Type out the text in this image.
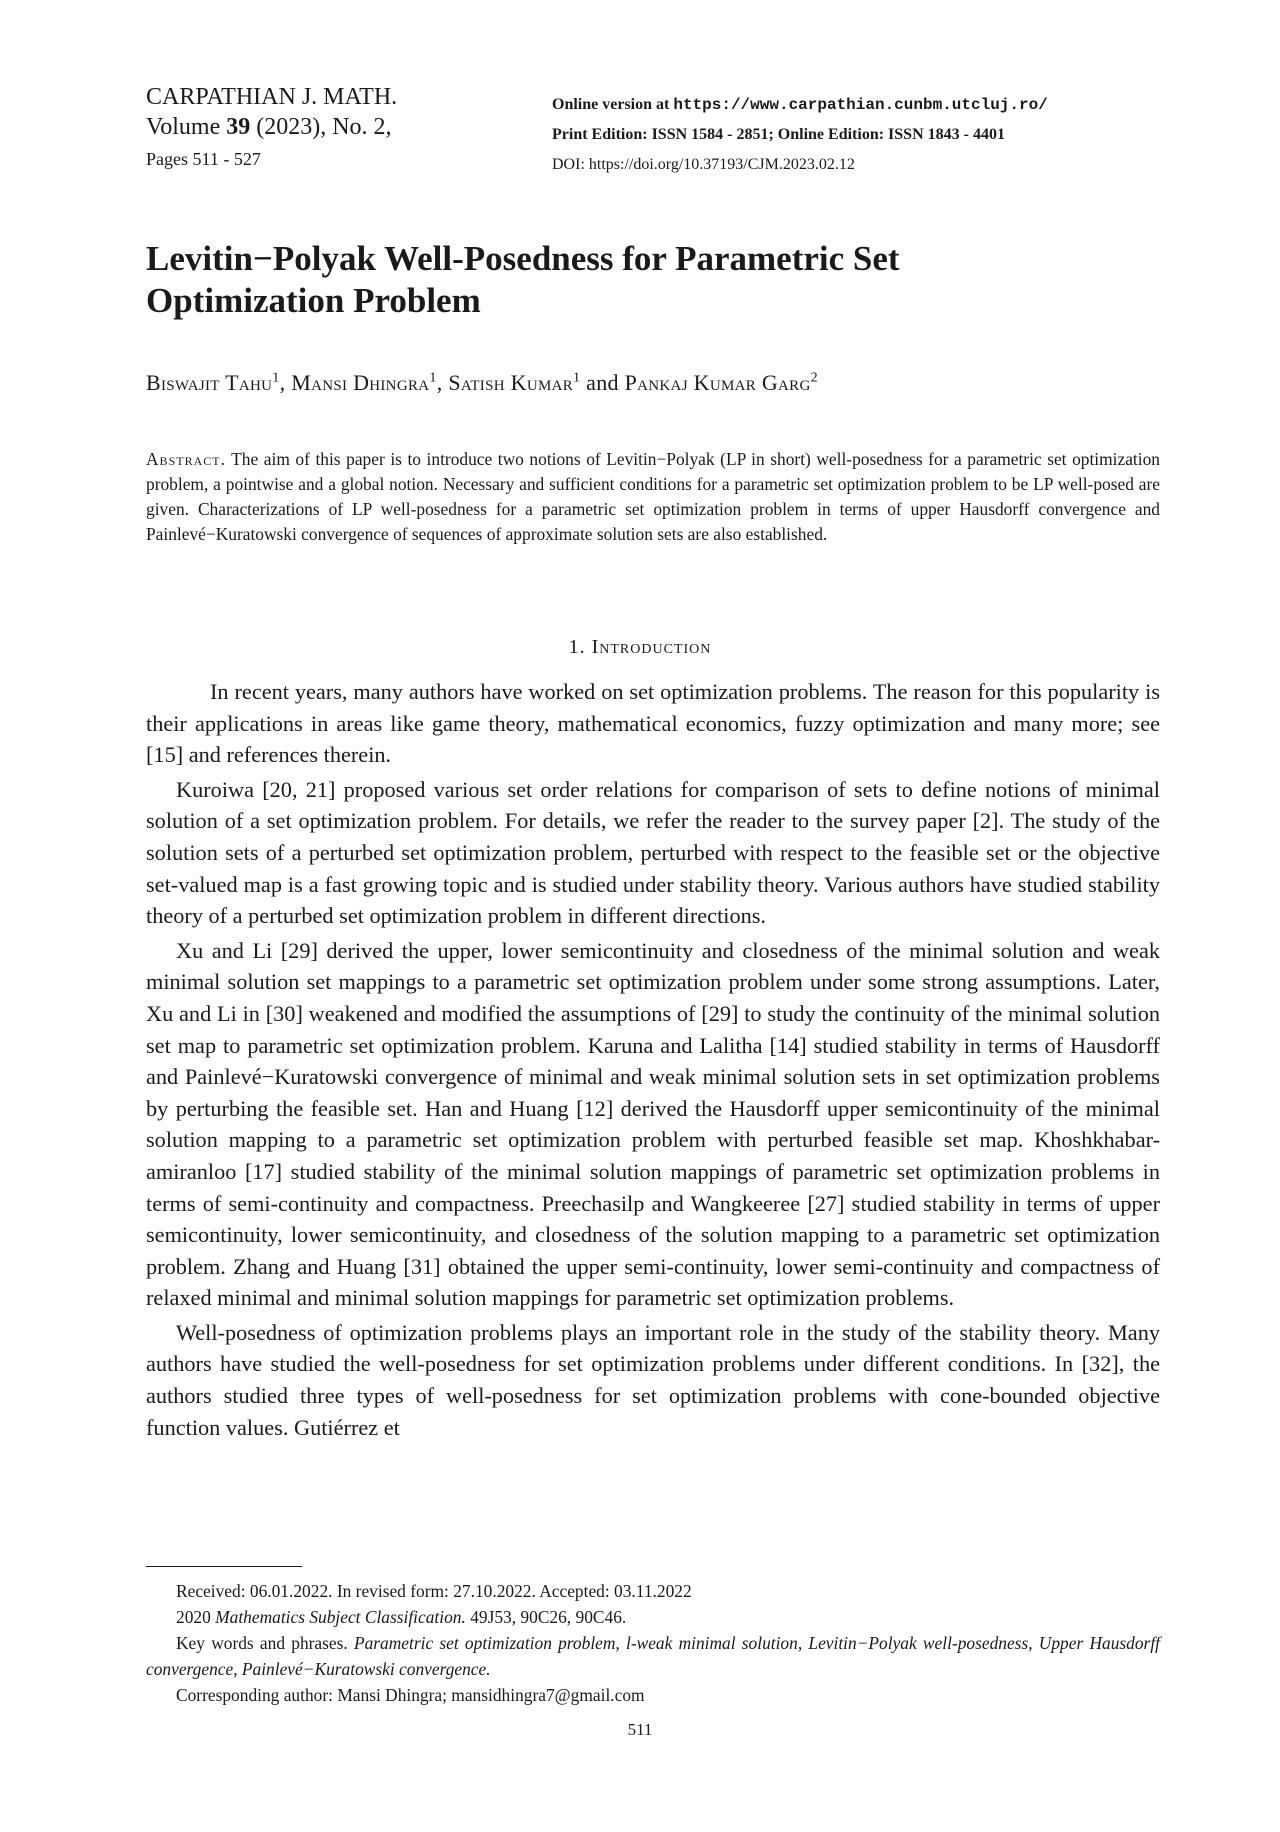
CARPATHIAN J. MATH.
Volume 39 (2023), No. 2,
Pages 511 - 527
Online version at https://www.carpathian.cunbm.utcluj.ro/
Print Edition: ISSN 1584 - 2851; Online Edition: ISSN 1843 - 4401
DOI: https://doi.org/10.37193/CJM.2023.02.12
Levitin−Polyak Well-Posedness for Parametric Set
Optimization Problem
Biswajit Tahu$^1$, Mansi Dhingra$^1$, Satish Kumar$^1$ and Pankaj Kumar Garg$^2$
Abstract. The aim of this paper is to introduce two notions of Levitin−Polyak (LP in short) well-posedness for a parametric set optimization problem, a pointwise and a global notion. Necessary and sufficient conditions for a parametric set optimization problem to be LP well-posed are given. Characterizations of LP well-posedness for a parametric set optimization problem in terms of upper Hausdorff convergence and Painlevé−Kuratowski convergence of sequences of approximate solution sets are also established.
1. Introduction

In recent years, many authors have worked on set optimization problems. The reason for this popularity is their applications in areas like game theory, mathematical economics, fuzzy optimization and many more; see [15] and references therein.

Kuroiwa [20, 21] proposed various set order relations for comparison of sets to define notions of minimal solution of a set optimization problem. For details, we refer the reader to the survey paper [2]. The study of the solution sets of a perturbed set optimization problem, perturbed with respect to the feasible set or the objective set-valued map is a fast growing topic and is studied under stability theory. Various authors have studied stability theory of a perturbed set optimization problem in different directions.

Xu and Li [29] derived the upper, lower semicontinuity and closedness of the minimal solution and weak minimal solution set mappings to a parametric set optimization problem under some strong assumptions. Later, Xu and Li in [30] weakened and modified the assumptions of [29] to study the continuity of the minimal solution set map to parametric set optimization problem. Karuna and Lalitha [14] studied stability in terms of Hausdorff and Painlevé−Kuratowski convergence of minimal and weak minimal solution sets in set optimization problems by perturbing the feasible set. Han and Huang [12] derived the Hausdorff upper semicontinuity of the minimal solution mapping to a parametric set optimization problem with perturbed feasible set map. Khoshkhabar-amiranloo [17] studied stability of the minimal solution mappings of parametric set optimization problems in terms of semi-continuity and compactness. Preechasilp and Wangkeeree [27] studied stability in terms of upper semicontinuity, lower semicontinuity, and closedness of the solution mapping to a parametric set optimization problem. Zhang and Huang [31] obtained the upper semi-continuity, lower semi-continuity and compactness of relaxed minimal and minimal solution mappings for parametric set optimization problems.

Well-posedness of optimization problems plays an important role in the study of the stability theory. Many authors have studied the well-posedness for set optimization problems under different conditions. In [32], the authors studied three types of well-posedness for set optimization problems with cone-bounded objective function values. Gutiérrez et

Received: 06.01.2022. In revised form: 27.10.2022. Accepted: 03.11.2022
2020 Mathematics Subject Classification. 49J53, 90C26, 90C46.
Key words and phrases. Parametric set optimization problem, l-weak minimal solution, Levitin−Polyak well-posedness, Upper Hausdorff convergence, Painlevé−Kuratowski convergence.
Corresponding author: Mansi Dhingra; mansidhingra7@gmail.com
511
